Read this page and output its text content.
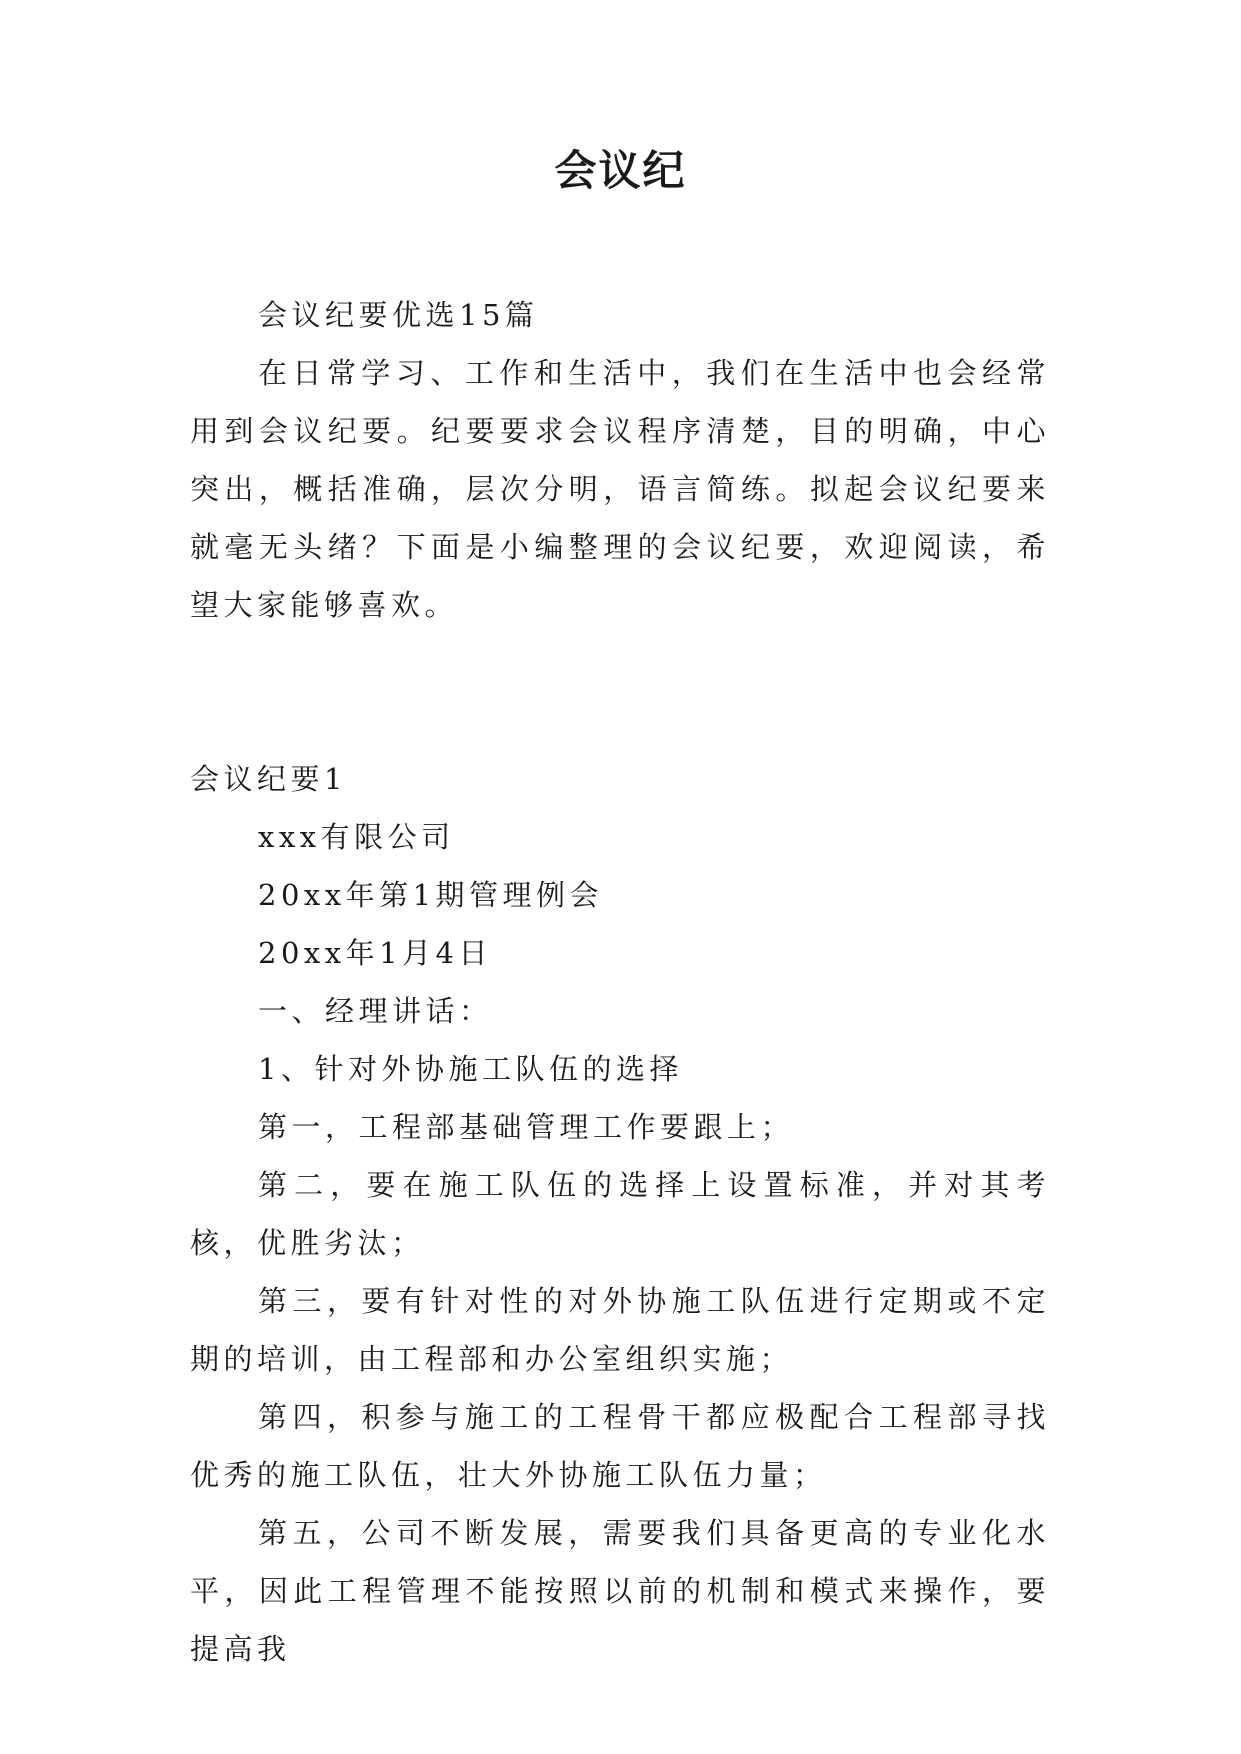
会议纪

会议纪要优选15篇

在日常学习、工作和生活中，我们在生活中也会经常用到会议纪要。纪要要求会议程序清楚，目的明确，中心突出，概括准确，层次分明，语言简练。拟起会议纪要来就毫无头绪？下面是小编整理的会议纪要，欢迎阅读，希望大家能够喜欢。

会议纪要1

xxx有限公司

20xx年第1期管理例会

20xx年1月4日

一、经理讲话：

1、针对外协施工队伍的选择

第一，工程部基础管理工作要跟上；

第二，要在施工队伍的选择上设置标准，并对其考核，优胜劣汰；

第三，要有针对性的对外协施工队伍进行定期或不定期的培训，由工程部和办公室组织实施；

第四，积参与施工的工程骨干都应极配合工程部寻找优秀的施工队伍，壮大外协施工队伍力量；

第五，公司不断发展，需要我们具备更高的专业化水平，因此工程管理不能按照以前的机制和模式来操作，要提高我
